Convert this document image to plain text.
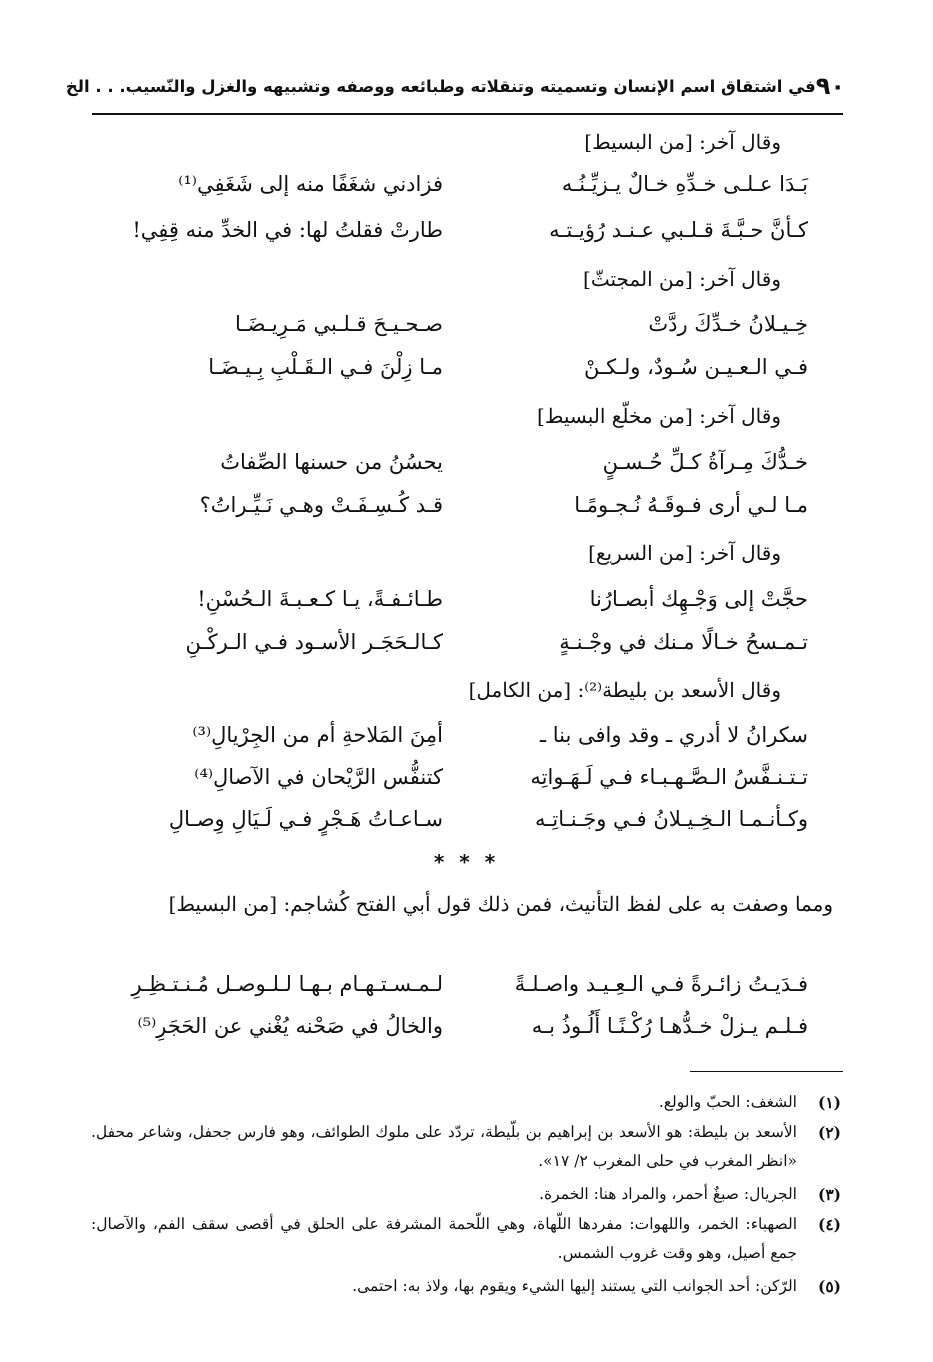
٩٠
في اشتقاق اسم الإنسان وتسميته وتنقلاته وطبائعه ووصفه وتشبيهه والغزل والنّسيب. . . الخ
وقال آخر: [من البسيط]
بَـدَا عـلـى خـدِّهِ خـالٌ يـزيِّـنُـه
فزادني شغَفًا منه إلى شَغَفِي⁽¹⁾
كـأنَّ حـبَّـةَ قـلـبي عـنـد رُؤيـتـه
طارتْ فقلتُ لها: في الخدِّ منه قِفِي!
وقال آخر: [من المجتثّ]
خِـيـلانُ خـدِّكَ ردَّتْ
صـحـيـحَ قـلـبي مَـرِيـضَـا
فـي الـعـيـن سُـودٌ، ولـكـنْ
مـا زِلْنَ فـي الـقَـلْبِ بِـيـضَـا
وقال آخر: [من مخلّع البسيط]
خـدُّكَ مِـرآةُ كـلِّ حُـسـنٍ
يحسُنُ من حسنها الصِّفاتُ
مـا لـي أرى فـوقَـهُ نُـجـومًـا
قـد كُـسِـفَـتْ وهـي نَـيِّـراتُ؟
وقال آخر: [من السريع]
حجَّتْ إلى وَجْـهِك أبصـارُنا
طـائـفـةً، يـا كـعـبـةَ الـحُسْنِ!
تـمـسحُ خـالًا مـنك في وجْـنـةٍ
كـالـحَجَـر الأسـود فـي الـركْـنِ
وقال الأسعد بن بليطة⁽²⁾: [من الكامل]
سكرانُ لا أدري ـ وقد وافى بنا ـ
أمِنَ المَلاحةِ أم من الجِرْيالِ⁽³⁾
تـتـنـفَّسُ الـصَّـهـبـاء فـي لَـهَـواتِه
كتنفُّس الرَّيْحان في الآصالِ⁽⁴⁾
وكـأنـمـا الـخِـيـلانُ فـي وجَـنـاتِـه
سـاعـاتُ هَـجْرٍ فـي لَـيَالِ وِصـالِ
* * *
ومما وصفت به على لفظ التأنيث، فمن ذلك قول أبي الفتح كُشاجم: [من البسيط]
فـدَيـتُ زائـرةً فـي الـعِـيـد واصـلـةً
لـمـسـتـهـام بـهـا لـلـوصـل مُـنـتـظِـرِ
فـلـم يـزلْ خـدُّهـا رُكْـنًـا أَلُـوذُ بـه
والخالُ في صَحْنه يُغْني عن الحَجَرِ⁽⁵⁾
(١)
الشغف: الحبّ والولع.
(٢)
الأسعد بن بليطة: هو الأسعد بن إبراهيم بن بلّيطة، تردّد على ملوك الطوائف، وهو فارس جحفل، وشاعر محفل. «انظر المغرب في حلى المغرب ٢/ ١٧».
(٣)
الجريال: صبغٌ أحمر، والمراد هنا: الخمرة.
(٤)
الصهباء: الخمر، واللهوات: مفردها اللّهاة، وهي اللّحمة المشرفة على الحلق في أقصى سقف الفم، والآصال: جمع أصيل، وهو وقت غروب الشمس.
(٥)
الرّكن: أحد الجوانب التي يستند إليها الشيء ويقوم بها، ولاذ به: احتمى.
